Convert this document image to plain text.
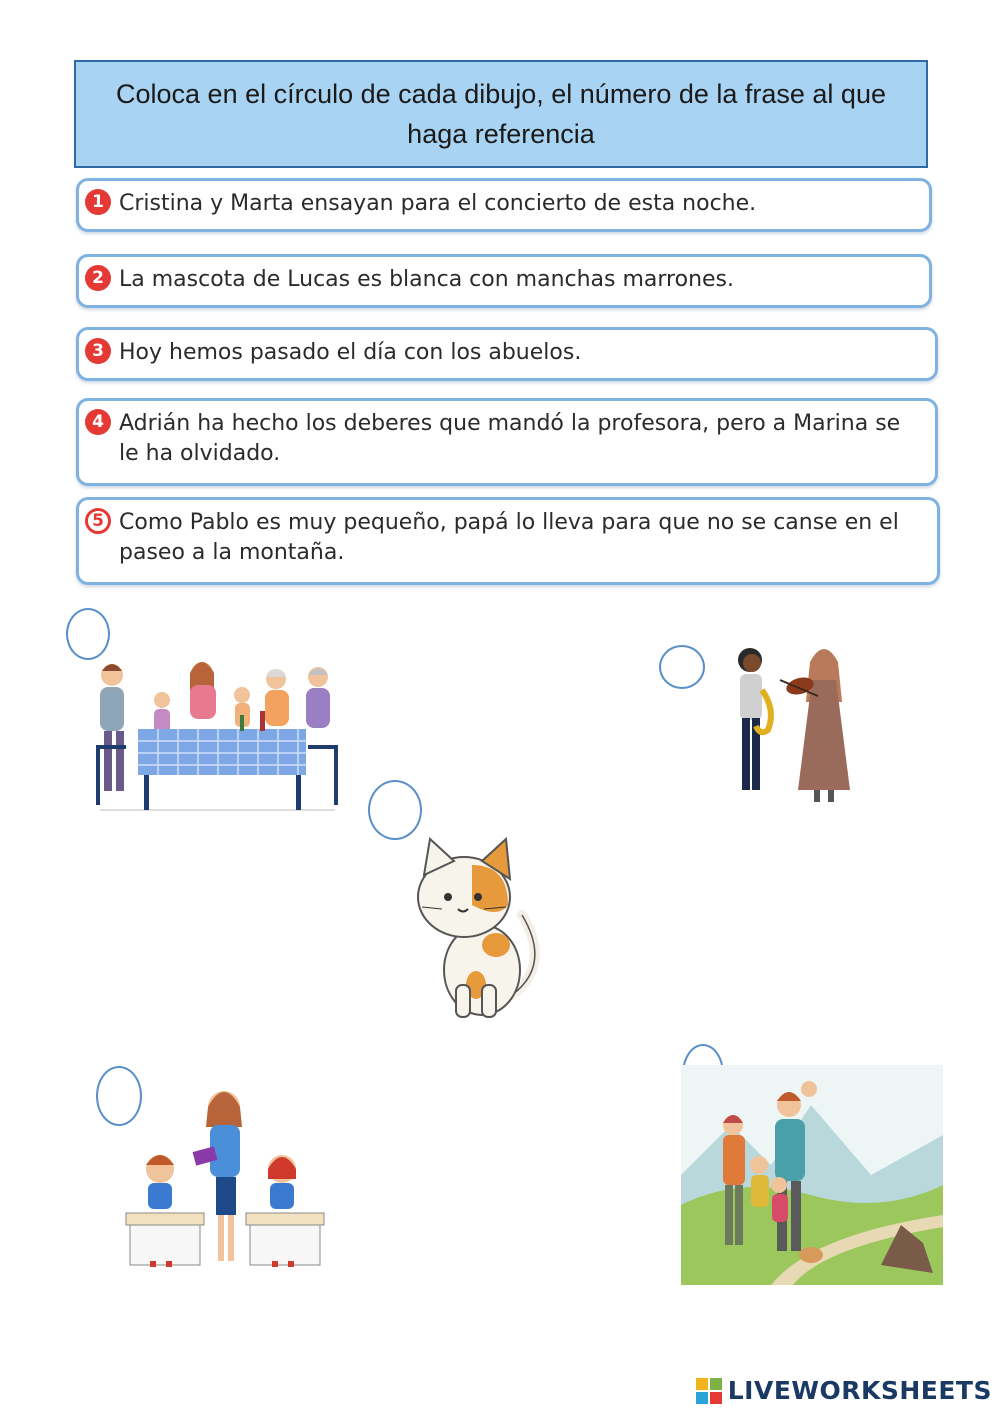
Coloca en el círculo de cada dibujo, el número de la frase al que haga referencia
1 Cristina y Marta ensayan para el concierto de esta noche.
2 La mascota de Lucas es blanca con manchas marrones.
3 Hoy hemos pasado el día con los abuelos.
4 Adrián ha hecho los deberes que mandó la profesora, pero a Marina se le ha olvidado.
5 Como Pablo es muy pequeño, papá lo lleva para que no se canse en el paseo a la montaña.
LIVEWORKSHEETS
